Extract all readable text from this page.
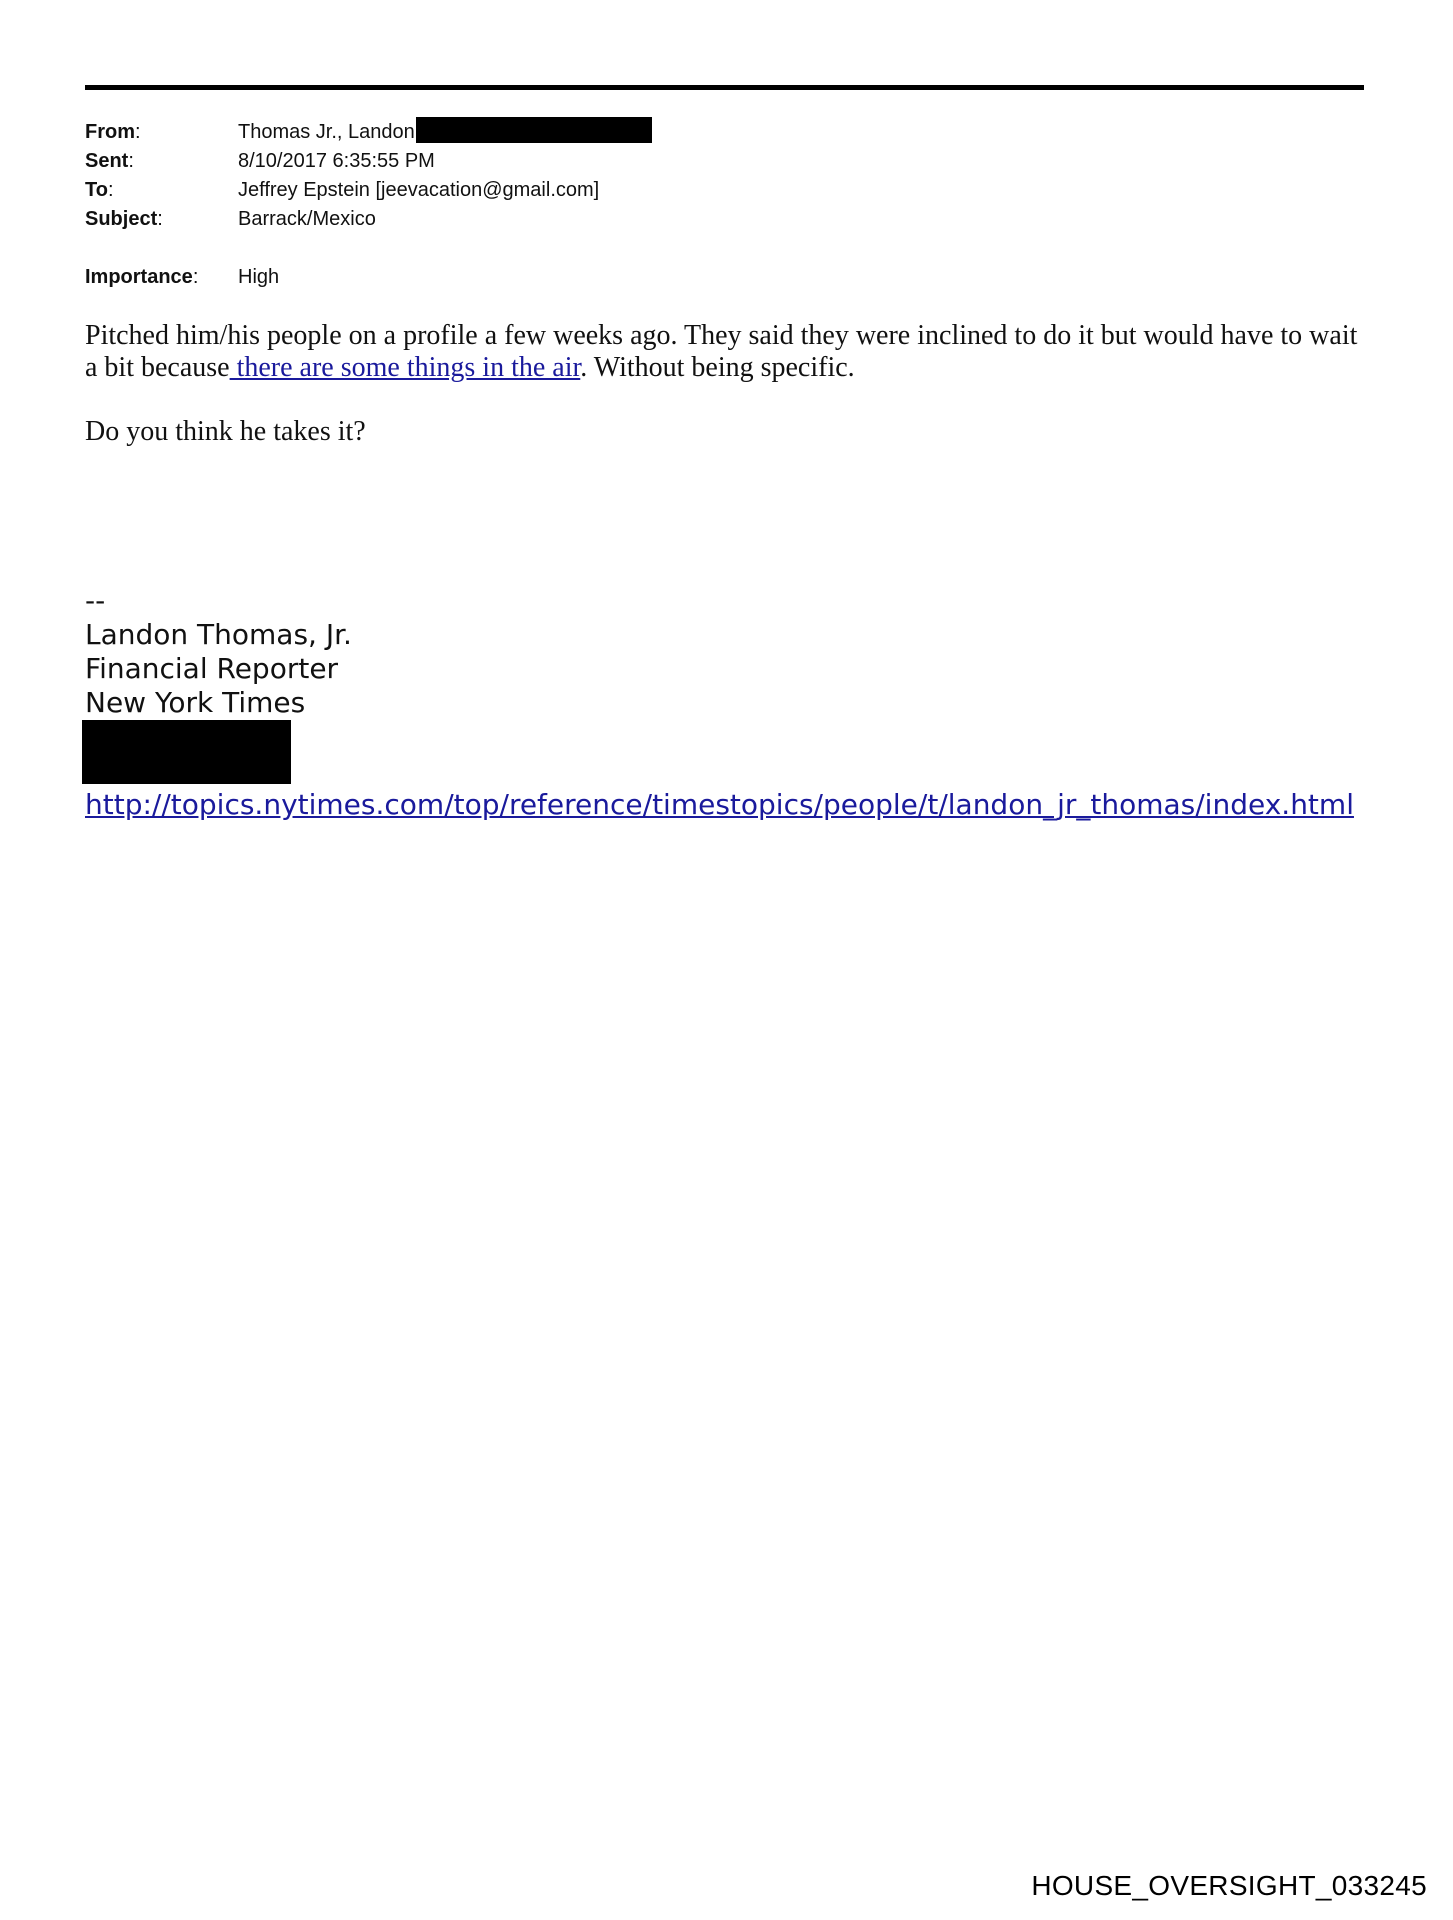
From:	Thomas Jr., Landon
Sent:	8/10/2017 6:35:55 PM
To:	Jeffrey Epstein [jeevacation@gmail.com]
Subject:	Barrack/Mexico
Importance:	High

Pitched him/his people on a profile a few weeks ago. They said they were inclined to do it but would have to wait a bit because there are some things in the air. Without being specific.

Do you think he takes it?

--
Landon Thomas, Jr.
Financial Reporter
New York Times
http://topics.nytimes.com/top/reference/timestopics/people/t/landon_jr_thomas/index.html
HOUSE_OVERSIGHT_033245
